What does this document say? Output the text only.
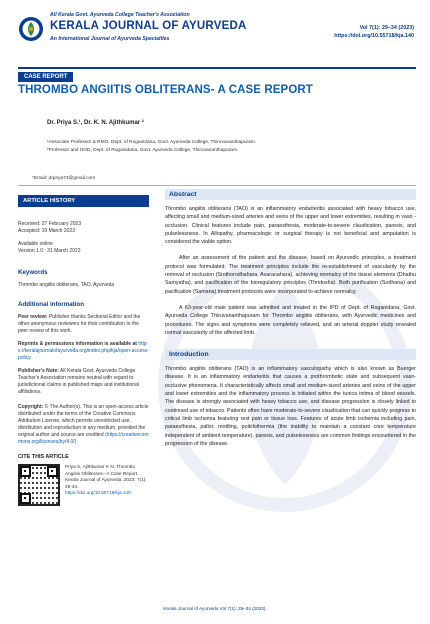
All Kerala Govt. Ayurveda College Teacher's Association
KERALA JOURNAL OF AYURVEDA
An International Journal of Ayurveda Specialties
Vol 7(1): 29–34 (2023)
https://doi.org/10.55718/kja.140
CASE REPORT
THROMBO ANGIITIS OBLITERANS- A CASE REPORT
Dr. Priya S.¹, Dr. K. N. Ajithkumar ²
¹Associate Professor & RMO, Dept. of Roganidana, Govt. Ayurveda College, Thiruvananthapuram.
²Professor and HOD, Dept. of Roganidana, Govt. Ayurveda College, Thiruvananthapuram.
*Email: drpriya73@gmail.com
ARTICLE HISTORY
Received: 27 February 2023
Accepted: 19 March 2023
Available online
Version 1.0 : 31 March 2023
Keywords
Thrombo angiitis obliterans, TAO, Ayurveda
Additional information
Peer review: Publisher thanks Sectional Editor and the other anonymous reviewers for their contribution to the peer review of this work.
Reprints & permissions information is available at https://keralajournalofayurveda.org/index.php/kja/open-access-policy
Publisher's Note: All Kerala Govt. Ayurveda College Teacher's Association remains neutral with regard to jurisdictional claims in published maps and institutional affiliations.
Copyright: © The Author(s). This is an open-access article distributed under the terms of the Creative Commons Attribution License, which permits unrestricted use, distribution and reproduction in any medium, provided the original author and source are credited (https://creativecommons.org/licenses/by/4.0/)
CITE THIS ARTICLE
Priya S, Ajithkumar K N. Thrombo Angiitis Obliterans– A Case Report. Kerala Journal of Ayurveda. 2023; 7(1): 29-34.
https://doi.org/10.55718/kja.140
Abstract

Thrombo angiitis obliterans (TAO) is an inflammatory endarteritis associated with heavy tobacco use, affecting small and medium-sized arteries and veins of the upper and lower extremities, resulting in vaso - occlusion. Clinical features include pain, paraesthesia, moderate-to-severe claudication, paresis, and pulselessness. In Allopathy, pharmacologic or surgical therapy is not beneficial and amputation is considered the viable option.

After an assessment of the patient and the disease, based on Ayurvedic principles, a treatment protocol was formulated. The treatment principles include the re-establishment of vascularity by the removal of occlusion (Srothorodhahara, Avaranahara), achieving normalcy of the tissue elements (Dhathu Samyatha), and pacification of the bioregulatory principles (Thridosha). Both purification (Sodhana) and pacification (Samana) treatment protocols were incorporated to achieve normalcy.

A 63-year-old male patient was admitted and treated in the IPD of Dept. of Roganidana, Govt. Ayurveda College Thiruvananthapuram for Thrombo angiitis obliterans, with Ayurvedic medicines and procedures. The signs and symptoms were completely relieved, and an arterial doppler study revealed normal vascularity of the affected limb.

Introduction

Thrombo angiitis obliterans (TAO) is an inflammatory vasculopathy which is also known as Buerger disease. It is an inflammatory endarteritis that causes a prothrombotic state and subsequent vaso-occlusive phenomena. It characteristically affects small and medium-sized arteries and veins of the upper and lower extremities and the inflammatory process is initiated within the tunica intima of blood vessels. The disease is strongly associated with heavy tobacco use, and disease progression is closely linked to continued use of tobacco. Patients often have moderate-to-severe claudication that can quickly progress to critical limb ischemia featuring rest pain or tissue loss. Features of acute limb ischemia including pain, paraesthesia, pallor, mottling, poikilothermia (the inability to maintain a constant core temperature independent of ambient temperature), paresis, and pulselessness are common findings encountered in the progression of the disease.

Kerala Journal of Ayurveda Vol 7(1): 29–34 (2023).
